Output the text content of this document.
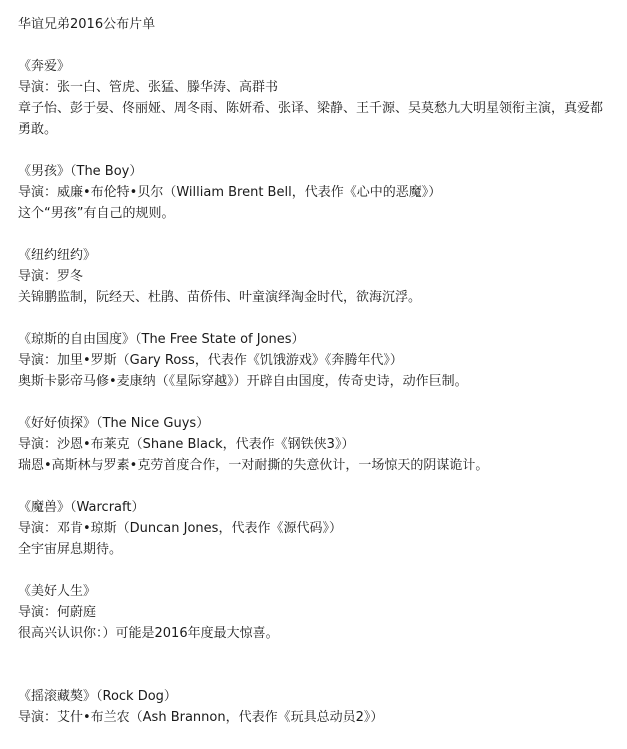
华谊兄弟2016公布片单
《奔爱》
导演：张一白、管虎、张猛、滕华涛、高群书
章子怡、彭于晏、佟丽娅、周冬雨、陈妍希、张译、梁静、王千源、吴莫愁九大明星领衔主演，真爱都勇敢。
《男孩》（The Boy）
导演：威廉•布伦特•贝尔（William Brent Bell，代表作《心中的恶魔》）
这个“男孩”有自己的规则。
《纽约纽约》
导演：罗冬
关锦鹏监制，阮经天、杜鹃、苗侨伟、叶童演绎淘金时代，欲海沉浮。
《琼斯的自由国度》（The Free State of Jones）
导演：加里•罗斯（Gary Ross，代表作《饥饿游戏》《奔腾年代》）
奥斯卡影帝马修•麦康纳（《星际穿越》）开辟自由国度，传奇史诗，动作巨制。
《好好侦探》（The Nice Guys）
导演：沙恩•布莱克（Shane Black，代表作《钢铁侠3》）
瑞恩•高斯林与罗素•克劳首度合作，一对耐撕的失意伙计，一场惊天的阴谋诡计。
《魔兽》（Warcraft）
导演：邓肯•琼斯（Duncan Jones，代表作《源代码》）
全宇宙屏息期待。
《美好人生》
导演：何蔚庭
很高兴认识你：）可能是2016年度最大惊喜。
《摇滚藏獒》（Rock Dog）
导演：艾什•布兰农（Ash Brannon，代表作《玩具总动员2》）
